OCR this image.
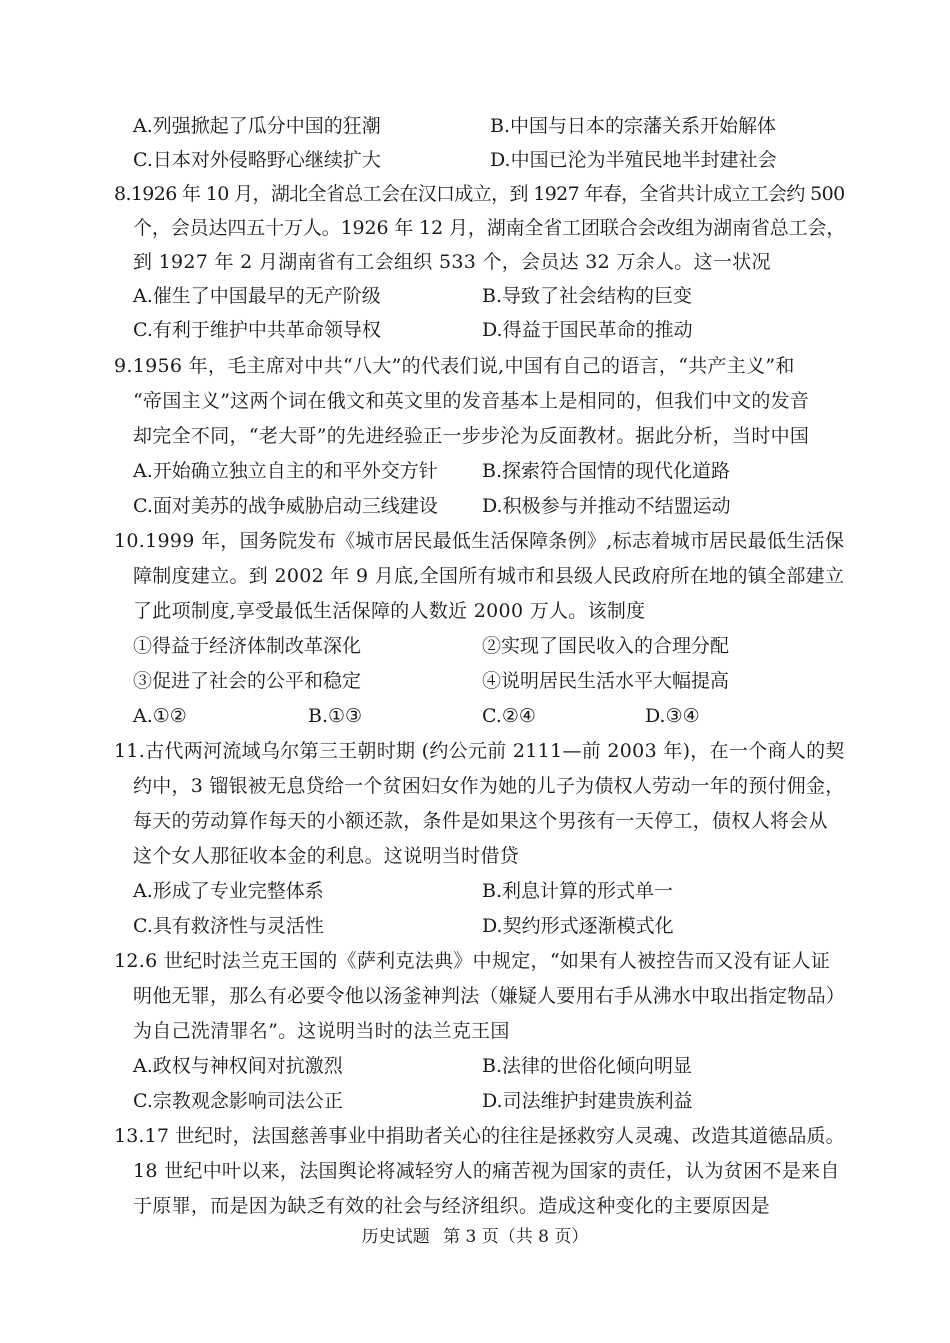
A.列强掀起了瓜分中国的狂潮	B.中国与日本的宗藩关系开始解体
C.日本对外侵略野心继续扩大	D.中国已沦为半殖民地半封建社会
8.1926 年 10 月，湖北全省总工会在汉口成立，到 1927 年春，全省共计成立工会约 500
个，会员达四五十万人。1926 年 12 月，湖南全省工团联合会改组为湖南省总工会，
到 1927 年 2 月湖南省有工会组织 533 个，会员达 32 万余人。这一状况
A.催生了中国最早的无产阶级	B.导致了社会结构的巨变
C.有利于维护中共革命领导权	D.得益于国民革命的推动
9.1956 年，毛主席对中共“八大”的代表们说,中国有自己的语言，“共产主义”和
“帝国主义”这两个词在俄文和英文里的发音基本上是相同的，但我们中文的发音
却完全不同，“老大哥”的先进经验正一步步沦为反面教材。据此分析，当时中国
A.开始确立独立自主的和平外交方针 B.探索符合国情的现代化道路
C.面对美苏的战争威胁启动三线建设 D.积极参与并推动不结盟运动
10.1999 年，国务院发布《城市居民最低生活保障条例》,标志着城市居民最低生活保
障制度建立。到 2002 年 9 月底,全国所有城市和县级人民政府所在地的镇全部建立
了此项制度,享受最低生活保障的人数近 2000 万人。该制度
①得益于经济体制改革深化	②实现了国民收入的合理分配
③促进了社会的公平和稳定	④说明居民生活水平大幅提高
A.①②	B.①③	C.②④	D.③④
11.古代两河流域乌尔第三王朝时期 (约公元前 2111—前 2003 年)，在一个商人的契
约中，3 镏银被无息贷给一个贫困妇女作为她的儿子为债权人劳动一年的预付佣金，
每天的劳动算作每天的小额还款，条件是如果这个男孩有一天停工，债权人将会从
这个女人那征收本金的利息。这说明当时借贷
A.形成了专业完整体系	B.利息计算的形式单一
C.具有救济性与灵活性	D.契约形式逐渐模式化
12.6 世纪时法兰克王国的《萨利克法典》中规定，“如果有人被控告而又没有证人证
明他无罪，那么有必要令他以汤釜神判法（嫌疑人要用右手从沸水中取出指定物品）
为自己洗清罪名”。这说明当时的法兰克王国
A.政权与神权间对抗激烈	B.法律的世俗化倾向明显
C.宗教观念影响司法公正	D.司法维护封建贵族利益
13.17 世纪时，法国慈善事业中捐助者关心的往往是拯救穷人灵魂、改造其道德品质。
18 世纪中叶以来，法国舆论将减轻穷人的痛苦视为国家的责任，认为贫困不是来自
于原罪，而是因为缺乏有效的社会与经济组织。造成这种变化的主要原因是
历史试题 第 3 页（共 8 页）
